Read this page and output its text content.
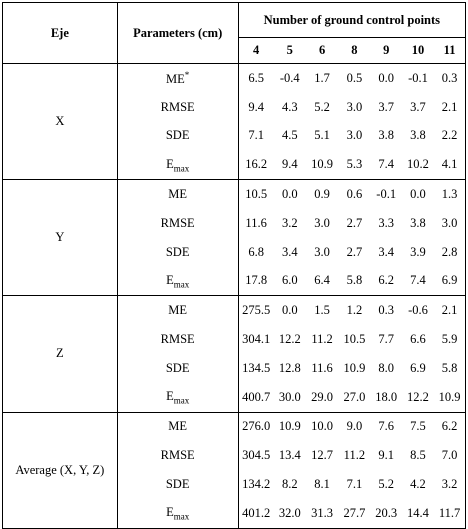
Eje	Parameters (cm)	Number of ground control points						
		4	5	6	8	9	10	11
X	ME*	6.5	-0.4	1.7	0.5	0.0	-0.1	0.3
	RMSE	9.4	4.3	5.2	3.0	3.7	3.7	2.1
	SDE	7.1	4.5	5.1	3.0	3.8	3.8	2.2
	$E_{max}$	16.2	9.4	10.9	5.3	7.4	10.2	4.1
Y	ME	10.5	0.0	0.9	0.6	-0.1	0.0	1.3
	RMSE	11.6	3.2	3.0	2.7	3.3	3.8	3.0
	SDE	6.8	3.4	3.0	2.7	3.4	3.9	2.8
	$E_{max}$	17.8	6.0	6.4	5.8	6.2	7.4	6.9
Z	ME	275.5	0.0	1.5	1.2	0.3	-0.6	2.1
	RMSE	304.1	12.2	11.2	10.5	7.7	6.6	5.9
	SDE	134.5	12.8	11.6	10.9	8.0	6.9	5.8
	$E_{max}$	400.7	30.0	29.0	27.0	18.0	12.2	10.9
Average (X, Y, Z)	ME	276.0	10.9	10.0	9.0	7.6	7.5	6.2
	RMSE	304.5	13.4	12.7	11.2	9.1	8.5	7.0
	SDE	134.2	8.2	8.1	7.1	5.2	4.2	3.2
	$E_{max}$	401.2	32.0	31.3	27.7	20.3	14.4	11.7
